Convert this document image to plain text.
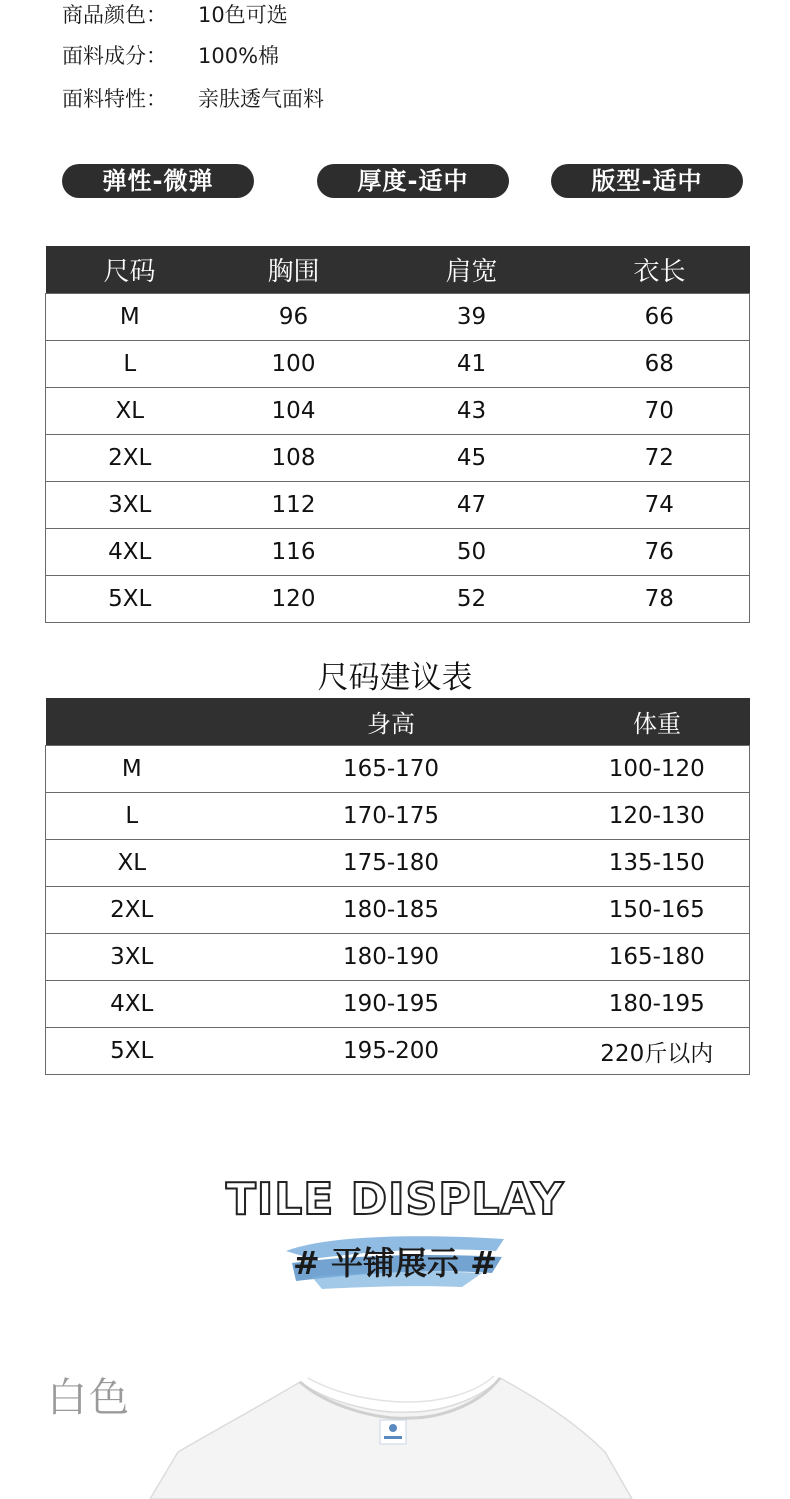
商品颜色： 10色可选
面料成分： 100%棉
面料特性： 亲肤透气面料
弹性-微弹	厚度-适中	版型-适中
尺码	胸围	肩宽	衣长
M	96	39	66
L	100	41	68
XL	104	43	70
2XL	108	45	72
3XL	112	47	74
4XL	116	50	76
5XL	120	52	78
尺码建议表
	身高	体重
M	165-170	100-120
L	170-175	120-130
XL	175-180	135-150
2XL	180-185	150-165
3XL	180-190	165-180
4XL	190-195	180-195
5XL	195-200	220斤以内
TILE DISPLAY
# 平铺展示 #
白色
